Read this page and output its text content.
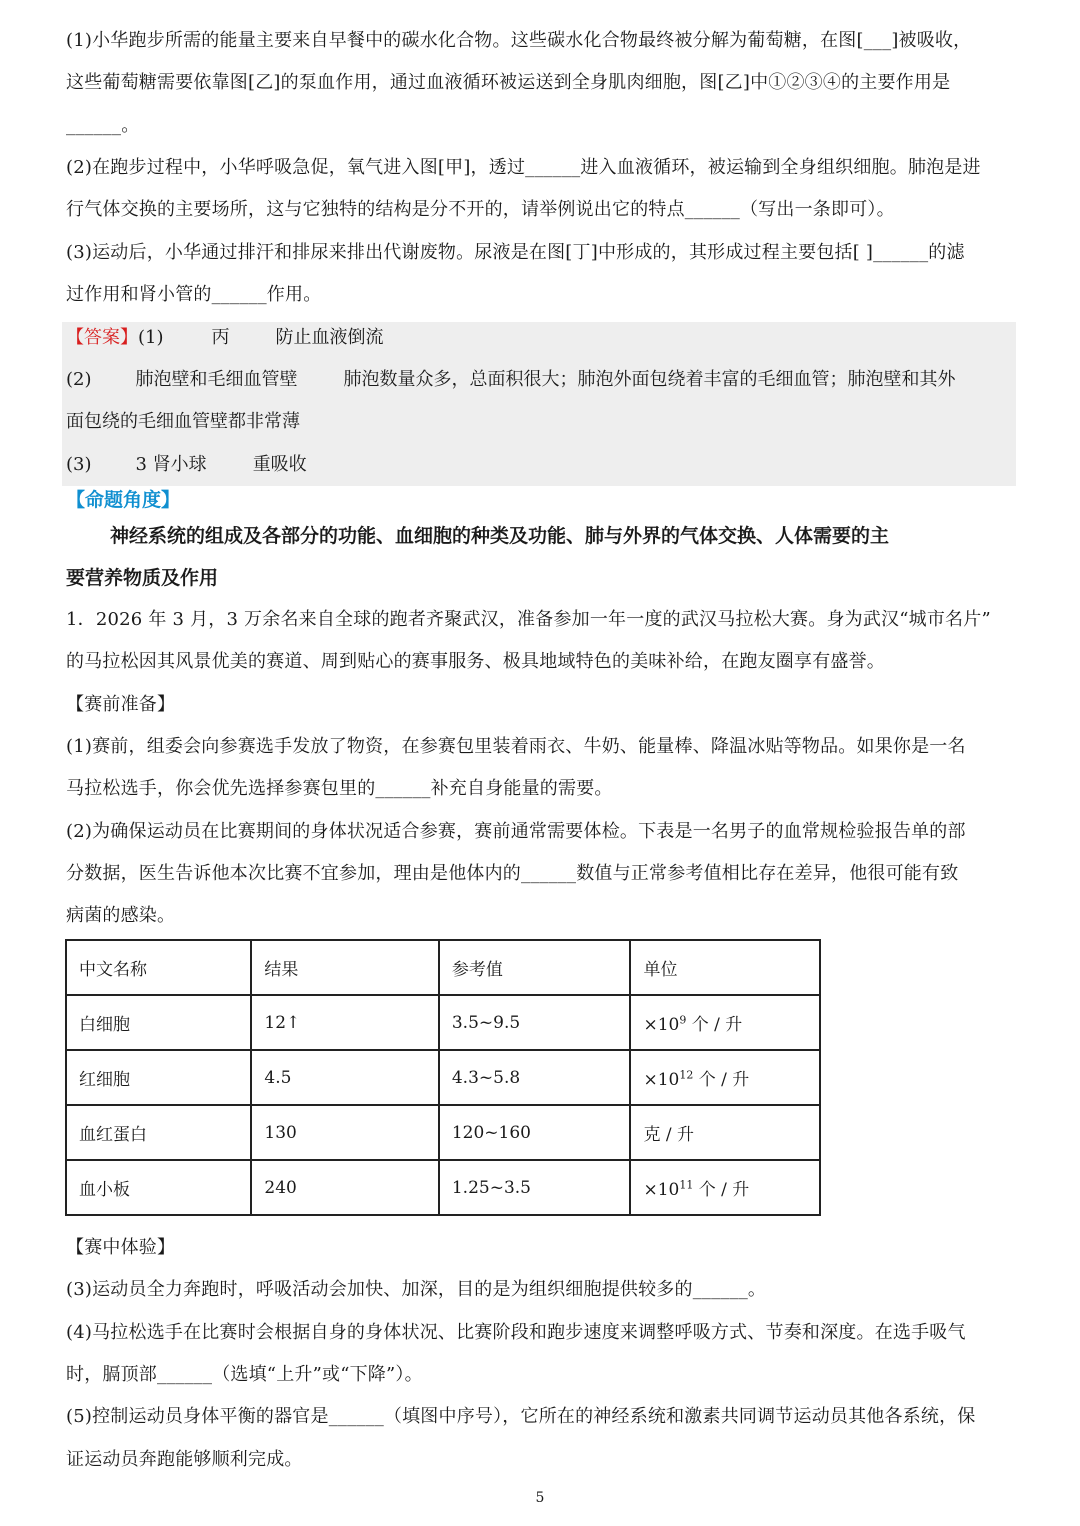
(1)小华跑步所需的能量主要来自早餐中的碳水化合物。这些碳水化合物最终被分解为葡萄糖，在图[___]被吸收，
这些葡萄糖需要依靠图[乙]的泵血作用，通过血液循环被运送到全身肌肉细胞，图[乙]中①②③④的主要作用是
______。
(2)在跑步过程中，小华呼吸急促，氧气进入图[甲]，透过______进入血液循环，被运输到全身组织细胞。肺泡是进
行气体交换的主要场所，这与它独特的结构是分不开的，请举例说出它的特点______（写出一条即可）。
(3)运动后，小华通过排汗和排尿来排出代谢废物。尿液是在图[丁]中形成的，其形成过程主要包括[ ]______的滤
过作用和肾小管的______作用。
【答案】(1)	丙	防止血液倒流
(2) 肺泡壁和毛细血管壁	肺泡数量众多，总面积很大；肺泡外面包绕着丰富的毛细血管；肺泡壁和其外
面包绕的毛细血管壁都非常薄
(3) 3 肾小球	重吸收
【命题角度】
神经系统的组成及各部分的功能、血细胞的种类及功能、肺与外界的气体交换、人体需要的主
要营养物质及作用
1．2026 年 3 月，3 万余名来自全球的跑者齐聚武汉，准备参加一年一度的武汉马拉松大赛。身为武汉“城市名片”
的马拉松因其风景优美的赛道、周到贴心的赛事服务、极具地域特色的美味补给，在跑友圈享有盛誉。
【赛前准备】
(1)赛前，组委会向参赛选手发放了物资，在参赛包里装着雨衣、牛奶、能量棒、降温冰贴等物品。如果你是一名
马拉松选手，你会优先选择参赛包里的______补充自身能量的需要。
(2)为确保运动员在比赛期间的身体状况适合参赛，赛前通常需要体检。下表是一名男子的血常规检验报告单的部
分数据，医生告诉他本次比赛不宜参加，理由是他体内的______数值与正常参考值相比存在差异，他很可能有致
病菌的感染。
中文名称	结果	参考值	单位
白细胞	12↑	3.5~9.5	$\times 10^9$ 个 / 升
红细胞	4.5	4.3~5.8	$\times 10^{12}$ 个 / 升
血红蛋白	130	120~160	克 / 升
血小板	240	1.25~3.5	$\times 10^{11}$ 个 / 升
【赛中体验】
(3)运动员全力奔跑时，呼吸活动会加快、加深，目的是为组织细胞提供较多的______。
(4)马拉松选手在比赛时会根据自身的身体状况、比赛阶段和跑步速度来调整呼吸方式、节奏和深度。在选手吸气
时，膈顶部______（选填“上升”或“下降”）。
(5)控制运动员身体平衡的器官是______（填图中序号），它所在的神经系统和激素共同调节运动员其他各系统，保
证运动员奔跑能够顺利完成。
5
